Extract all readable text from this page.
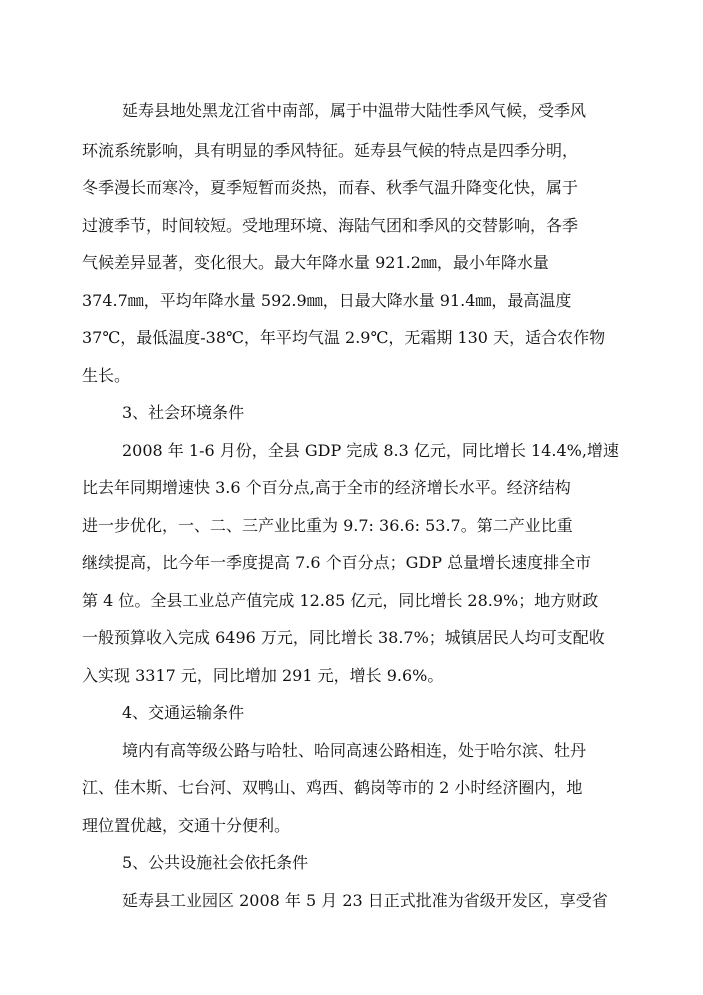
延寿县地处黑龙江省中南部，属于中温带大陆性季风气候，受季风
环流系统影响，具有明显的季风特征。延寿县气候的特点是四季分明，
冬季漫长而寒冷，夏季短暂而炎热，而春、秋季气温升降变化快，属于
过渡季节，时间较短。受地理环境、海陆气团和季风的交替影响，各季
气候差异显著，变化很大。最大年降水量 921.2㎜，最小年降水量
374.7㎜，平均年降水量 592.9㎜，日最大降水量 91.4㎜，最高温度
37℃，最低温度-38℃，年平均气温 2.9℃，无霜期 130 天，适合农作物
生长。
3、社会环境条件
2008 年 1-6 月份，全县 GDP 完成 8.3 亿元，同比增长 14.4%,增速
比去年同期增速快 3.6 个百分点,高于全市的经济增长水平。经济结构
进一步优化，一、二、三产业比重为 9.7: 36.6: 53.7。第二产业比重
继续提高，比今年一季度提高 7.6 个百分点；GDP 总量增长速度排全市
第 4 位。全县工业总产值完成 12.85 亿元，同比增长 28.9%；地方财政
一般预算收入完成 6496 万元，同比增长 38.7%；城镇居民人均可支配收
入实现 3317 元，同比增加 291 元，增长 9.6%。
4、交通运输条件
境内有高等级公路与哈牡、哈同高速公路相连，处于哈尔滨、牡丹
江、佳木斯、七台河、双鸭山、鸡西、鹤岗等市的 2 小时经济圈内，地
理位置优越，交通十分便利。
5、公共设施社会依托条件
延寿县工业园区 2008 年 5 月 23 日正式批准为省级开发区，享受省
